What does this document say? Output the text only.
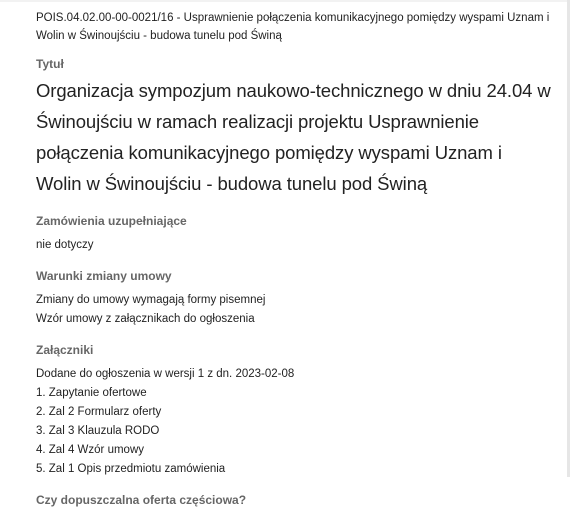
POIS.04.02.00-00-0021/16 - Usprawnienie połączenia komunikacyjnego pomiędzy wyspami Uznam i Wolin w Świnoujściu - budowa tunelu pod Świną
Tytuł
Organizacja sympozjum naukowo-technicznego w dniu 24.04 w Świnoujściu w ramach realizacji projektu Usprawnienie połączenia komunikacyjnego pomiędzy wyspami Uznam i Wolin w Świnoujściu - budowa tunelu pod Świną
Zamówienia uzupełniające
nie dotyczy
Warunki zmiany umowy
Zmiany do umowy wymagają formy pisemnej
Wzór umowy z załącznikach do ogłoszenia
Załączniki
Dodane do ogłoszenia w wersji 1 z dn. 2023-02-08
1. Zapytanie ofertowe
2. Zal 2 Formularz oferty
3. Zal 3 Klauzula RODO
4. Zal 4 Wzór umowy
5. Zal 1 Opis przedmiotu zamówienia
Czy dopuszczalna oferta częściowa?
